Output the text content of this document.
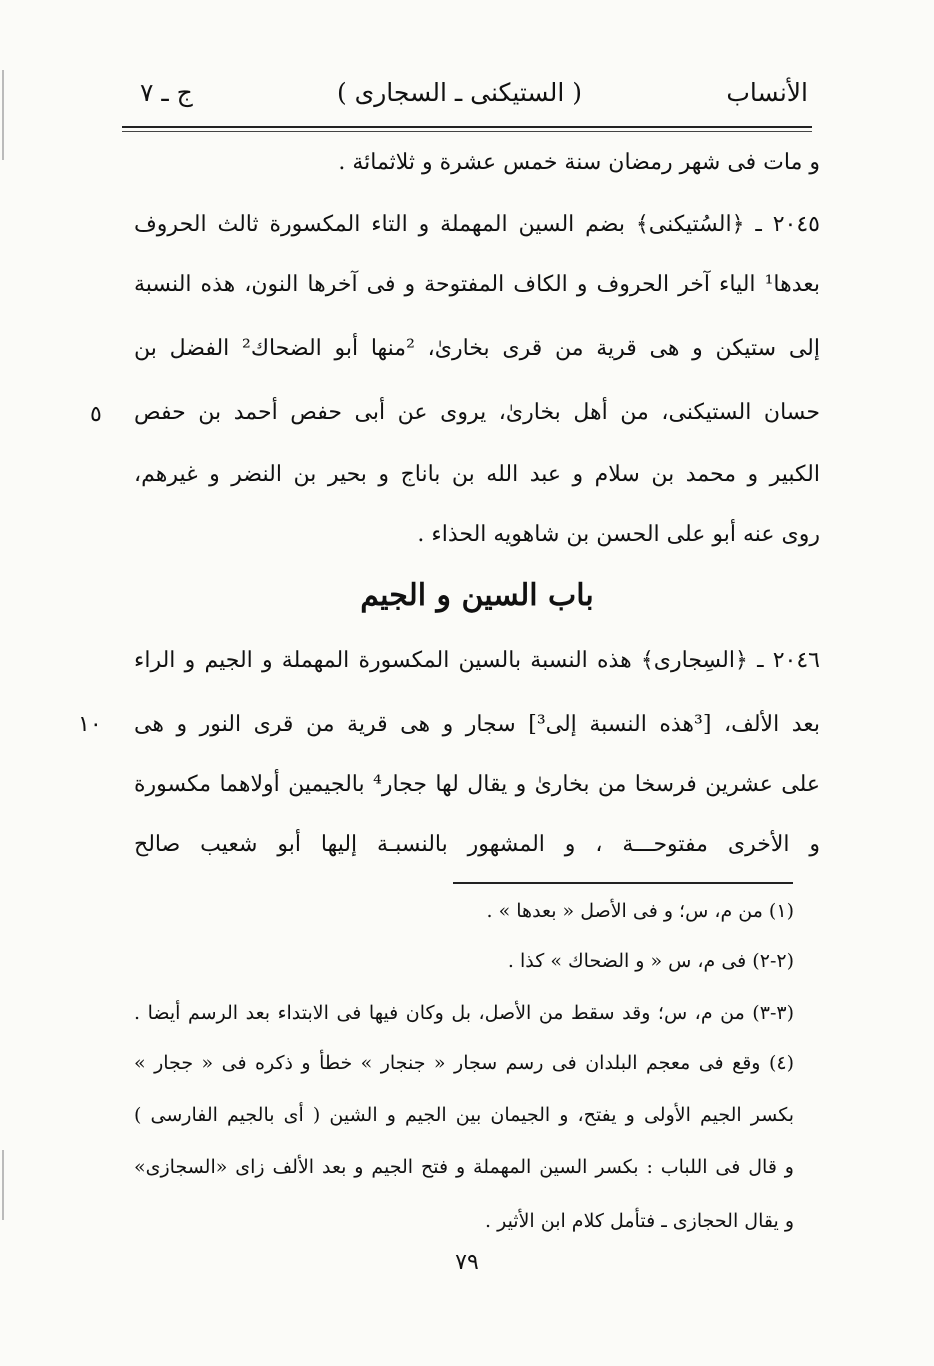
الأنساب
( الستيكنى ـ السجارى )
ج ـ ٧
و مات فى شهر رمضان سنة خمس عشرة و ثلاثمائة .
٢٠٤٥ ـ ﴿السُتيكنى﴾ بضم السين المهملة و التاء المكسورة ثالث الحروف
بعدها¹ الياء آخر الحروف و الكاف المفتوحة و فى آخرها النون، هذه النسبة
إلى ستيكن و هى قرية من قرى بخارىٰ، ²منها أبو الضحاك² الفضل بن
حسان الستيكنى، من أهل بخارىٰ، يروى عن أبى حفص أحمد بن حفص
٥
الكبير و محمد بن سلام و عبد الله بن باناج و بحير بن النضر و غيرهم،
روى عنه أبو على الحسن بن شاهويه الحذاء .
باب السين و الجيم
٢٠٤٦ ـ ﴿السِجارى﴾ هذه النسبة بالسين المكسورة المهملة و الجيم و الراء
بعد الألف، [³هذه النسبة إلى³] سجار و هى قرية من قرى النور و هى
١٠
على عشرين فرسخا من بخارىٰ و يقال لها ججار⁴ بالجيمين أولاهما مكسورة
و الأخرى مفتوحـــة ، و المشهور بالنسبـة إليها أبو شعيب صالح
(١) من م، س؛ و فى الأصل « بعدها » .
(٢-٢) فى م، س « و الضحاك » كذا .
(٣-٣) من م، س؛ وقد سقط من الأصل، بل وكان فيها فى الابتداء بعد الرسم أيضا .
(٤) وقع فى معجم البلدان فى رسم سجار « جنجار » خطأ و ذكره فى « ججار »
بكسر الجيم الأولى و يفتح، و الجيمان بين الجيم و الشين ( أى بالجيم الفارسى )
و قال فى اللباب : بكسر السين المهملة و فتح الجيم و بعد الألف زاى «السجازى»
و يقال الحجازى ـ فتأمل كلام ابن الأثير .
٧٩
